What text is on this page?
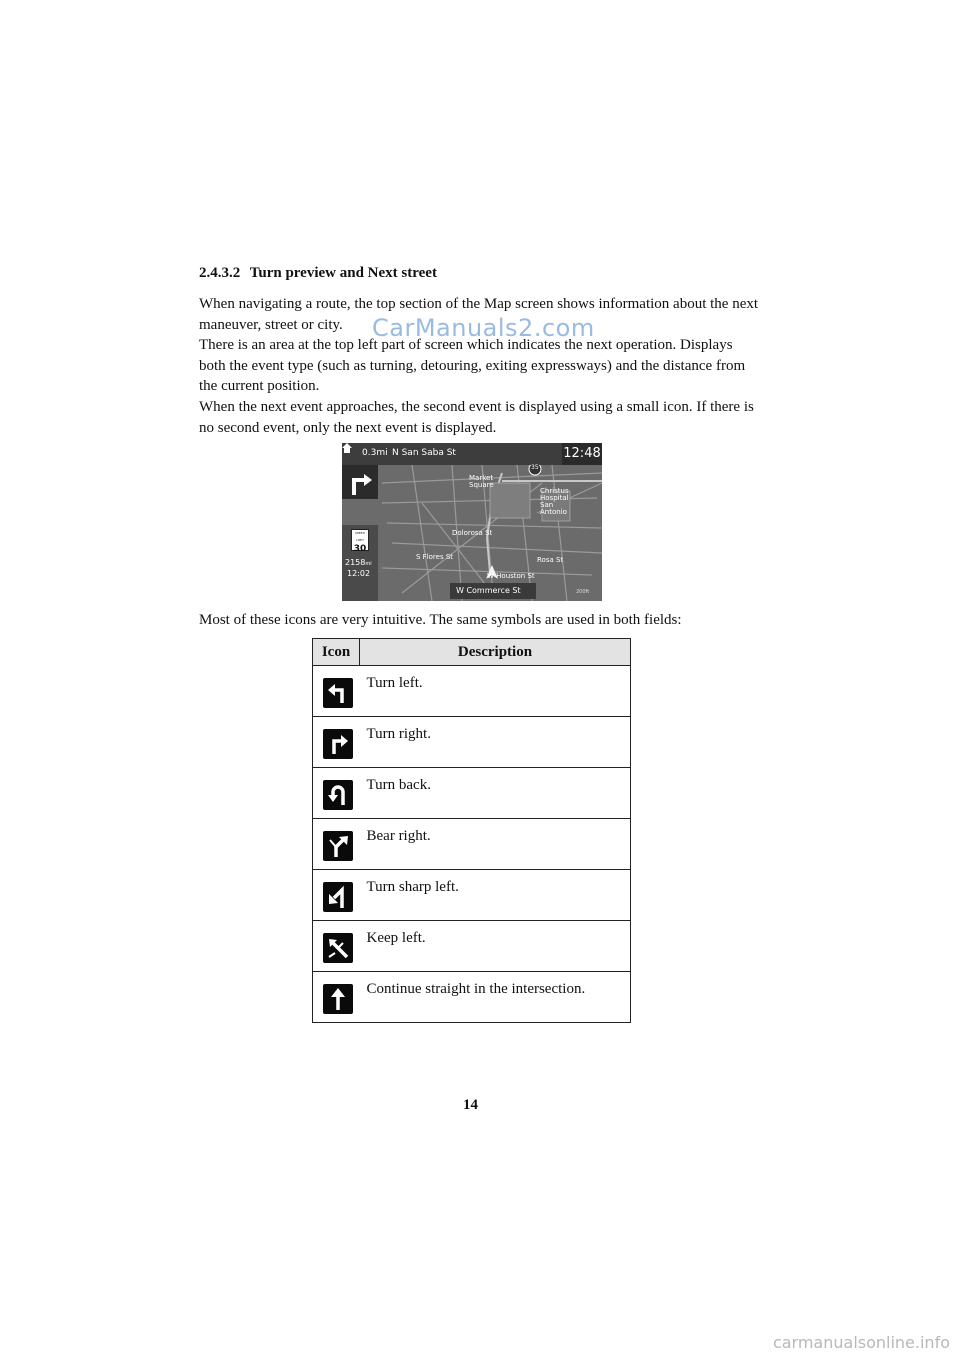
2.4.3.2 Turn preview and Next street

When navigating a route, the top section of the Map screen shows information about the next maneuver, street or city.

There is an area at the top left part of screen which indicates the next operation. Displays both the event type (such as turning, detouring, exiting expressways) and the distance from the current position.

When the next event approaches, the second event is displayed using a small icon. If there is no second event, only the next event is displayed.

CarManuals2.com
0.3mi N San Saba St	12:48
SPEED LIMIT
30
2158mi
12:02
Market Square
Christus Hospital San Antonio
Dolorosa St
S Flores St	Rosa St
W Houston St
35
W Commerce St	200ft

Most of these icons are very intuitive. The same symbols are used in both fields:

Icon	Description

	Turn left.

	Turn right.

	Turn back.

	Bear right.

	Turn sharp left.

	Keep left.

	Continue straight in the intersection.
14
carmanualsonline.info
